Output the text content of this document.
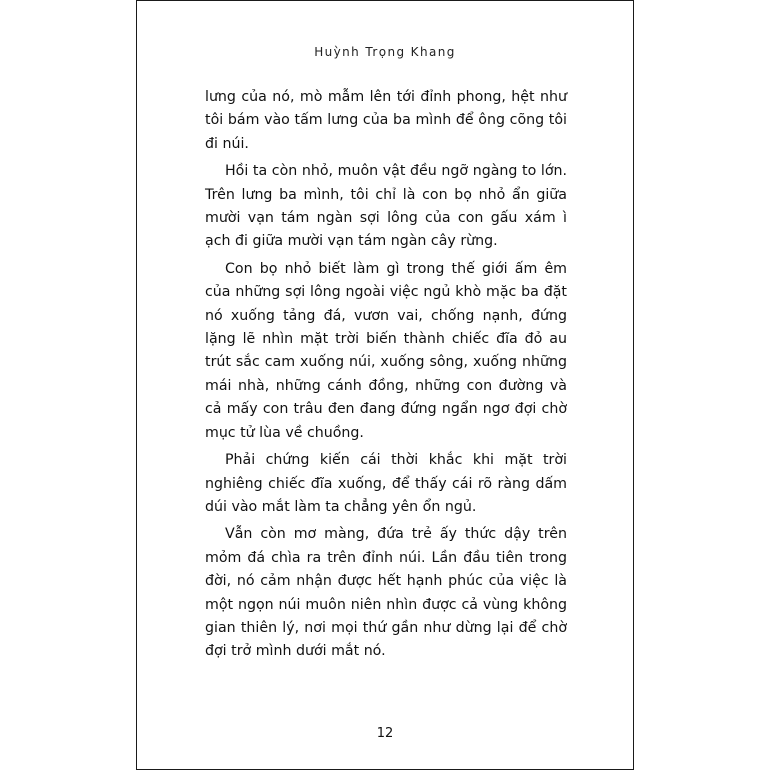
Huỳnh Trọng Khang

lưng của nó, mò mẫm lên tới đỉnh phong, hệt như tôi bám vào tấm lưng của ba mình để ông cõng tôi đi núi.

Hồi ta còn nhỏ, muôn vật đều ngỡ ngàng to lớn. Trên lưng ba mình, tôi chỉ là con bọ nhỏ ẩn giữa mười vạn tám ngàn sợi lông của con gấu xám ì ạch đi giữa mười vạn tám ngàn cây rừng.

Con bọ nhỏ biết làm gì trong thế giới ấm êm của những sợi lông ngoài việc ngủ khò mặc ba đặt nó xuống tảng đá, vươn vai, chống nạnh, đứng lặng lẽ nhìn mặt trời biến thành chiếc đĩa đỏ au trút sắc cam xuống núi, xuống sông, xuống những mái nhà, những cánh đồng, những con đường và cả mấy con trâu đen đang đứng ngẩn ngơ đợi chờ mục tử lùa về chuồng.

Phải chứng kiến cái thời khắc khi mặt trời nghiêng chiếc đĩa xuống, để thấy cái rõ ràng dấm dúi vào mắt làm ta chẳng yên ổn ngủ.

Vẫn còn mơ màng, đứa trẻ ấy thức dậy trên mỏm đá chìa ra trên đỉnh núi. Lần đầu tiên trong đời, nó cảm nhận được hết hạnh phúc của việc là một ngọn núi muôn niên nhìn được cả vùng không gian thiên lý, nơi mọi thứ gần như dừng lại để chờ đợi trở mình dưới mắt nó.

12
